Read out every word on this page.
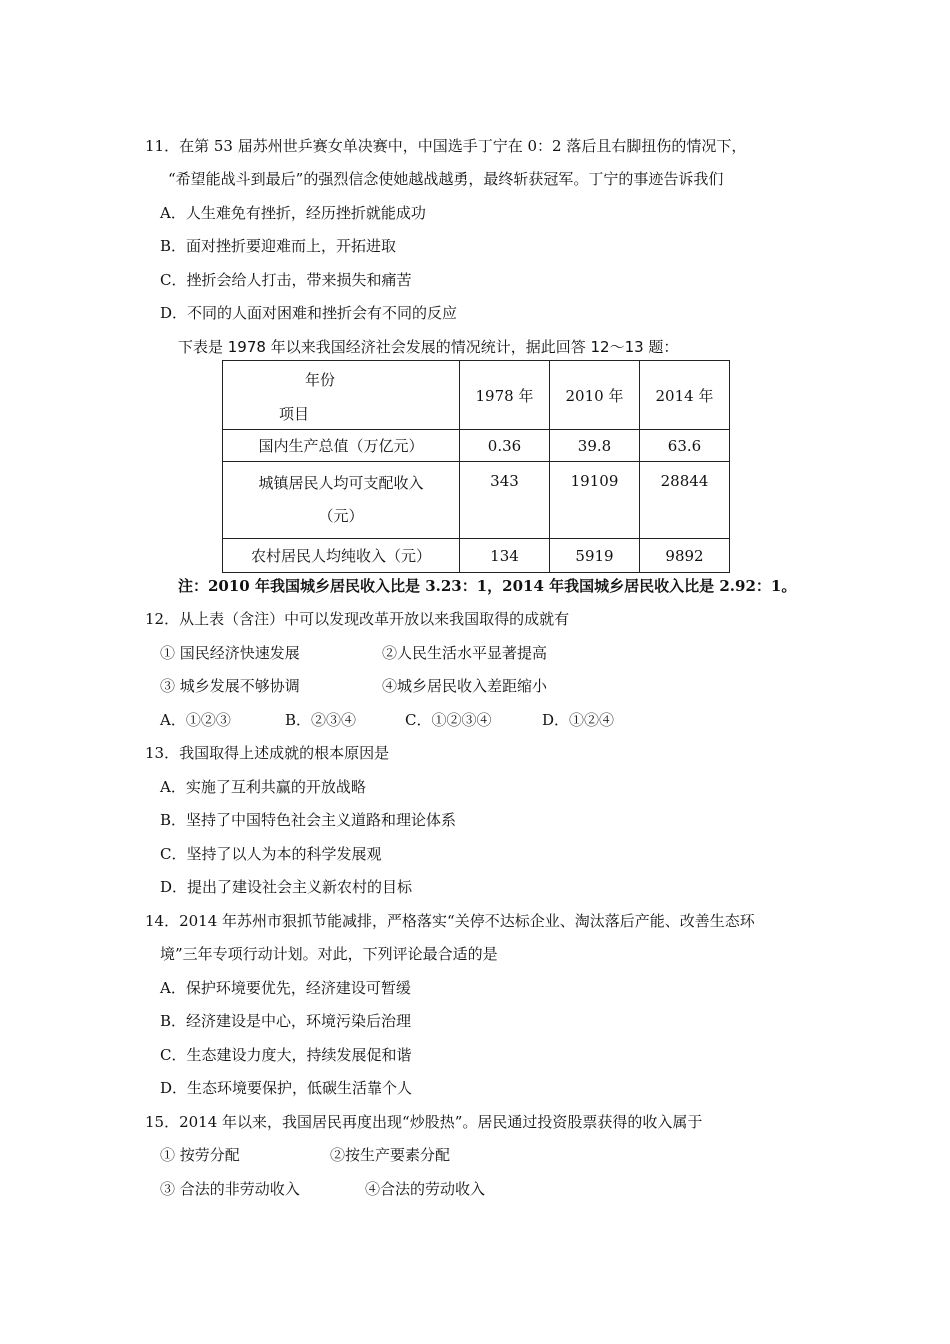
11．在第 53 届苏州世乒赛女单决赛中，中国选手丁宁在 0：2 落后且右脚扭伤的情况下，
“希望能战斗到最后”的强烈信念使她越战越勇，最终斩获冠军。丁宁的事迹告诉我们
A．人生难免有挫折，经历挫折就能成功
B．面对挫折要迎难而上，开拓进取
C．挫折会给人打击，带来损失和痛苦
D．不同的人面对困难和挫折会有不同的反应
下表是 1978 年以来我国经济社会发展的情况统计，据此回答 12～13 题：
年份
项目	1978 年	2010 年	2014 年
国内生产总值（万亿元）	0.36	39.8	63.6

城镇居民人均可支配收入
（元）	343	19109	28844
农村居民人均纯收入（元）	134	5919	9892
注：2010 年我国城乡居民收入比是 3.23：1，2014 年我国城乡居民收入比是 2.92：1。
12．从上表（含注）中可以发现改革开放以来我国取得的成就有
① 国民经济快速发展	②人民生活水平显著提高
③ 城乡发展不够协调	④城乡居民收入差距缩小
A．①②③	B．②③④	C．①②③④	D．①②④
13．我国取得上述成就的根本原因是
A．实施了互利共赢的开放战略
B．坚持了中国特色社会主义道路和理论体系
C．坚持了以人为本的科学发展观
D．提出了建设社会主义新农村的目标
14．2014 年苏州市狠抓节能减排，严格落实“关停不达标企业、淘汰落后产能、改善生态环
境”三年专项行动计划。对此，下列评论最合适的是
A．保护环境要优先，经济建设可暂缓
B．经济建设是中心，环境污染后治理
C．生态建设力度大，持续发展促和谐
D．生态环境要保护，低碳生活靠个人
15．2014 年以来，我国居民再度出现“炒股热”。居民通过投资股票获得的收入属于
① 按劳分配	②按生产要素分配
③ 合法的非劳动收入	④合法的劳动收入
